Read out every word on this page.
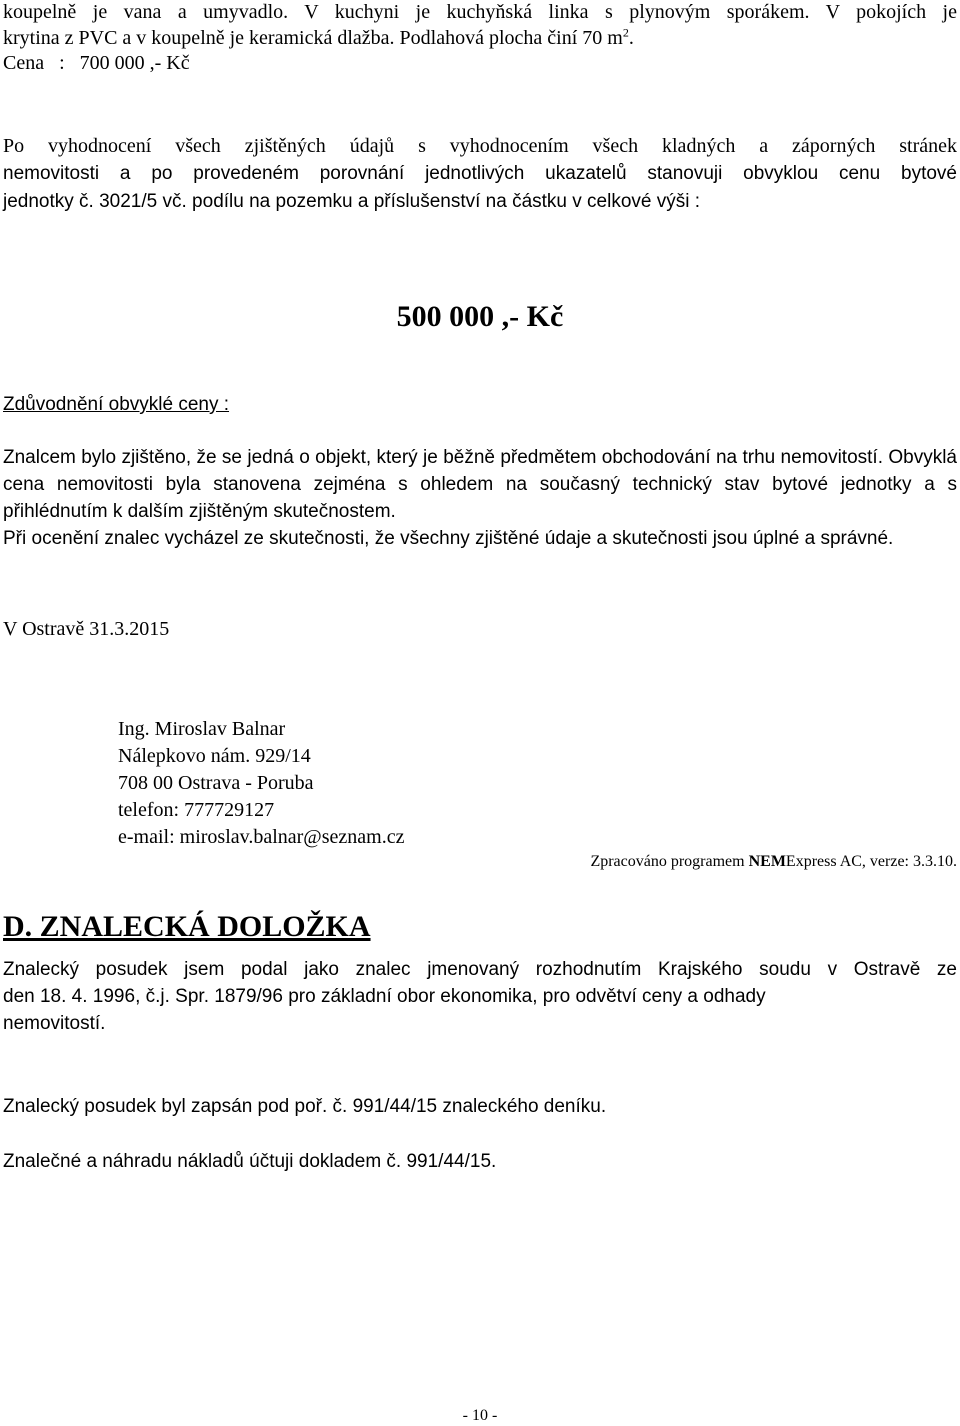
koupelně je vana a umyvadlo. V kuchyni je kuchyňská linka s plynovým sporákem. V pokojích je
krytina z PVC a v koupelně je keramická dlažba. Podlahová plocha činí 70 $m^2$.
Cena   :   700 000 ,- Kč
Po vyhodnocení všech zjištěných údajů s vyhodnocením všech kladných a záporných stránek
nemovitosti a po provedeném porovnání jednotlivých ukazatelů stanovuji obvyklou cenu bytové
jednotky č. 3021/5 vč. podílu na pozemku a příslušenství na částku v celkové výši :
500 000 ,- Kč
Zdůvodnění obvyklé ceny :
Znalcem bylo zjištěno, že se jedná o objekt, který je běžně předmětem obchodování na trhu nemovitostí. Obvyklá cena nemovitosti byla stanovena zejména s ohledem na současný technický stav bytové jednotky a s přihlédnutím k dalším zjištěným skutečnostem.
Při ocenění znalec vycházel ze skutečnosti, že všechny zjištěné údaje a skutečnosti jsou úplné a správné.
V Ostravě 31.3.2015
Ing. Miroslav Balnar
Nálepkovo nám. 929/14
708 00 Ostrava - Poruba
telefon: 777729127
e-mail: miroslav.balnar@seznam.cz
Zpracováno programem NEMExpress AC, verze: 3.3.10.
D. ZNALECKÁ DOLOŽKA
Znalecký posudek jsem podal jako znalec jmenovaný rozhodnutím Krajského soudu v Ostravě ze
den 18. 4. 1996, č.j. Spr. 1879/96 pro základní obor ekonomika, pro odvětví ceny a odhady
nemovitostí.
Znalecký posudek byl zapsán pod poř. č. 991/44/15 znaleckého deníku.
Znalečné a náhradu nákladů účtuji dokladem č. 991/44/15.
- 10 -
